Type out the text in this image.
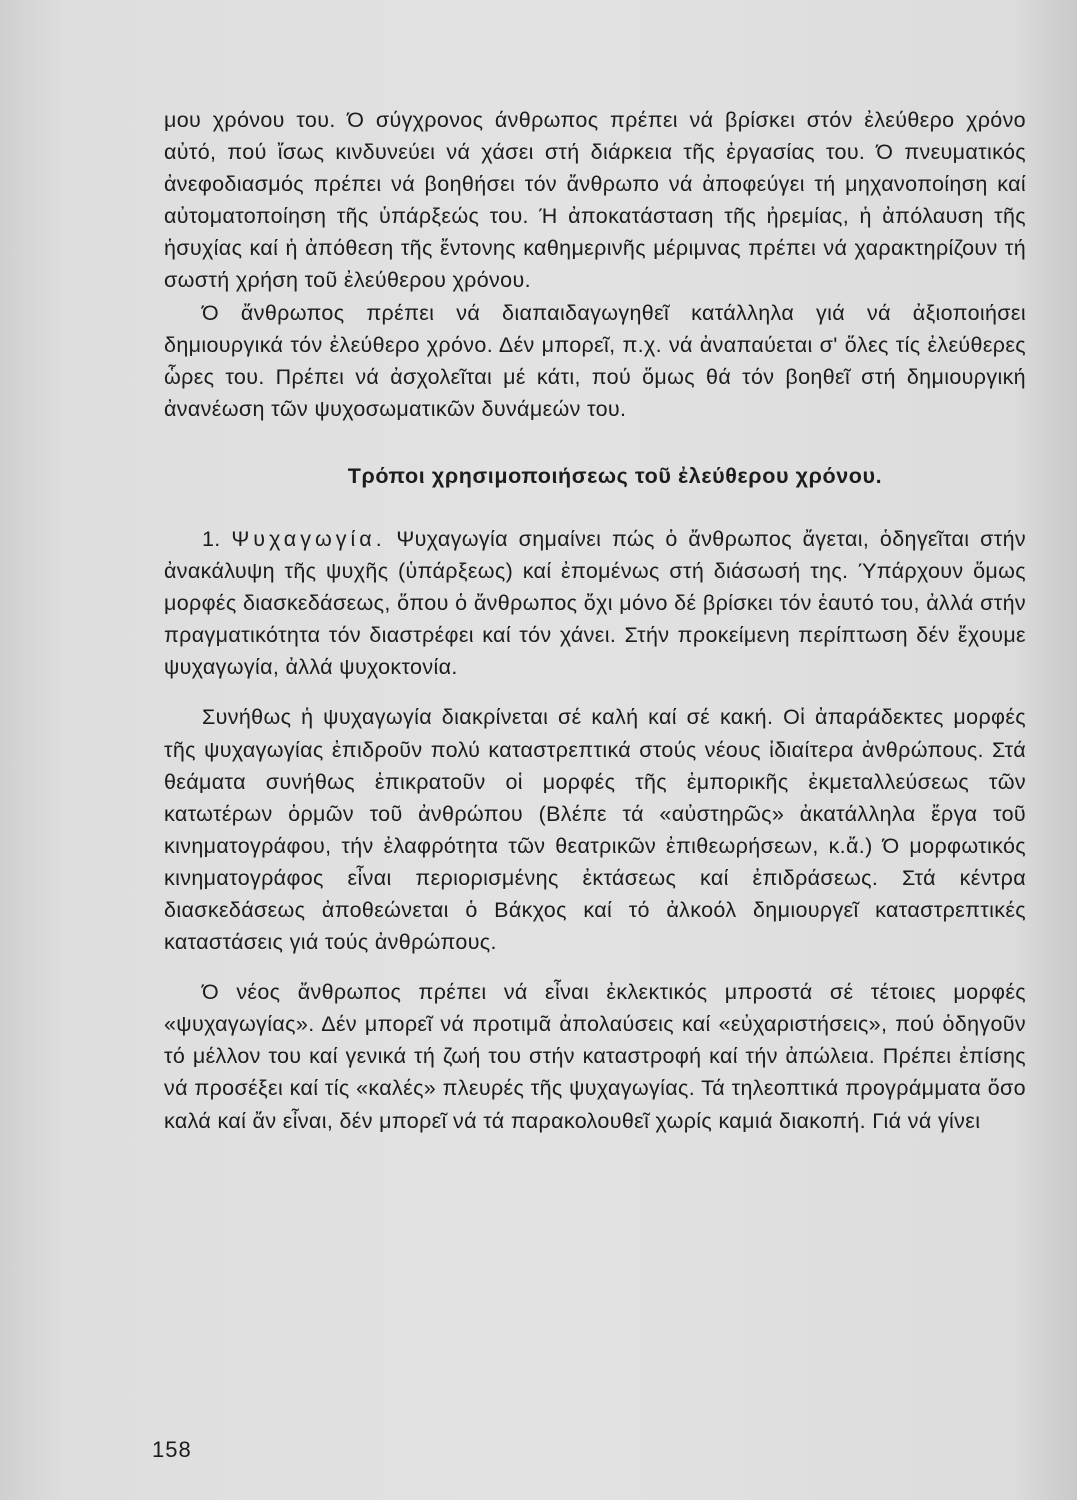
μου χρόνου του. Ό σύγχρονος άνθρωπος πρέπει νά βρίσκει στόν ἐλεύθερο χρόνο αὐτό, πού ἴσως κινδυνεύει νά χάσει στή διάρκεια τῆς ἐργασίας του. Ό πνευματικός ἀνεφοδιασμός πρέπει νά βοηθήσει τόν ἄνθρωπο νά ἀποφεύγει τή μηχανοποίηση καί αὐτοματοποίηση τῆς ὑπάρξεώς του. Ή ἀποκατάσταση τῆς ἠρεμίας, ἡ ἀπόλαυση τῆς ἡσυχίας καί ἡ ἀπόθεση τῆς ἔντονης καθημερινῆς μέριμνας πρέπει νά χαρακτηρίζουν τή σωστή χρήση τοῦ ἐλεύθερου χρόνου.

Ό ἄνθρωπος πρέπει νά διαπαιδαγωγηθεῖ κατάλληλα γιά νά ἀξιοποιήσει δημιουργικά τόν ἐλεύθερο χρόνο. Δέν μπορεῖ, π.χ. νά ἀναπαύεται σ' ὅλες τίς ἐλεύθερες ὧρες του. Πρέπει νά ἀσχολεῖται μέ κάτι, πού ὅμως θά τόν βοηθεῖ στή δημιουργική ἀνανέωση τῶν ψυχοσωματικῶν δυνάμεών του.

Τρόποι χρησιμοποιήσεως τοῦ ἐλεύθερου χρόνου.

1. Ψυχαγωγία. Ψυχαγωγία σημαίνει πώς ὁ ἄνθρωπος ἄγεται, ὁδηγεῖται στήν ἀνακάλυψη τῆς ψυχῆς (ὑπάρξεως) καί ἐπομένως στή διάσωσή της. Ύπάρχουν ὅμως μορφές διασκεδάσεως, ὅπου ὁ ἄνθρωπος ὄχι μόνο δέ βρίσκει τόν ἑαυτό του, ἀλλά στήν πραγματικότητα τόν διαστρέφει καί τόν χάνει. Στήν προκείμενη περίπτωση δέν ἔχουμε ψυχαγωγία, ἀλλά ψυχοκτονία.

Συνήθως ἡ ψυχαγωγία διακρίνεται σέ καλή καί σέ κακή. Οἱ ἀπαράδεκτες μορφές τῆς ψυχαγωγίας ἐπιδροῦν πολύ καταστρεπτικά στούς νέους ἰδιαίτερα ἀνθρώπους. Στά θεάματα συνήθως ἐπικρατοῦν οἱ μορφές τῆς ἐμπορικῆς ἐκμεταλλεύσεως τῶν κατωτέρων ὁρμῶν τοῦ ἀνθρώπου (Βλέπε τά «αὐστηρῶς» ἀκατάλληλα ἔργα τοῦ κινηματογράφου, τήν ἐλαφρότητα τῶν θεατρικῶν ἐπιθεωρήσεων, κ.ἄ.) Ό μορφωτικός κινηματογράφος εἶναι περιορισμένης ἐκτάσεως καί ἐπιδράσεως. Στά κέντρα διασκεδάσεως ἀποθεώνεται ὁ Βάκχος καί τό ἀλκοόλ δημιουργεῖ καταστρεπτικές καταστάσεις γιά τούς ἀνθρώπους.

Ό νέος ἄνθρωπος πρέπει νά εἶναι ἐκλεκτικός μπροστά σέ τέτοιες μορφές «ψυχαγωγίας». Δέν μπορεῖ νά προτιμᾶ ἀπολαύσεις καί «εὐχαριστήσεις», πού ὁδηγοῦν τό μέλλον του καί γενικά τή ζωή του στήν καταστροφή καί τήν ἀπώλεια. Πρέπει ἐπίσης νά προσέξει καί τίς «καλές» πλευρές τῆς ψυχαγωγίας. Τά τηλεοπτικά προγράμματα ὅσο καλά καί ἄν εἶναι, δέν μπορεῖ νά τά παρακολουθεῖ χωρίς καμιά διακοπή. Γιά νά γίνει

158
